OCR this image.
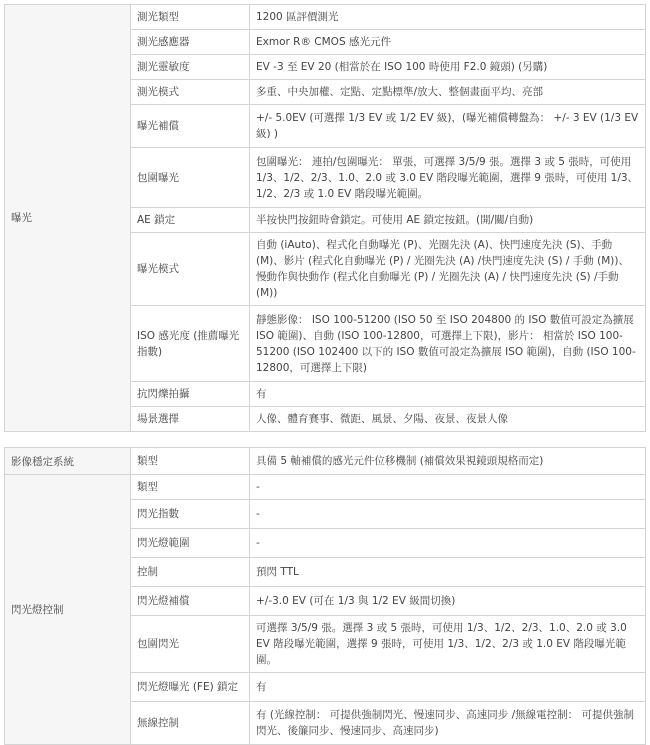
曝光	測光類型	1200 區評價測光
	測光感應器	Exmor R® CMOS 感光元件
	測光靈敏度	EV -3 至 EV 20 (相當於在 ISO 100 時使用 F2.0 鏡頭) (另購)
	測光模式	多重、中央加權、定點、定點標準/放大、整個畫面平均、亮部
	曝光補償	+/- 5.0EV (可選擇 1/3 EV 或 1/2 EV 級)，(曝光補償轉盤為： +/- 3 EV (1/3 EV 級) )
	包圍曝光	包圍曝光： 連拍/包圍曝光： 單張，可選擇 3/5/9 張。選擇 3 或 5 張時，可使用 1/3、1/2、2/3、1.0、2.0 或 3.0 EV 階段曝光範圍，選擇 9 張時，可使用 1/3、1/2、2/3 或 1.0 EV 階段曝光範圍。
	AE 鎖定	半按快門按鈕時會鎖定。可使用 AE 鎖定按鈕。(開/關/自動)
	曝光模式	自動 (iAuto)、程式化自動曝光 (P)、光圈先決 (A)、快門速度先決 (S)、手動 (M)、影片 (程式化自動曝光 (P) / 光圈先決 (A) /快門速度先決 (S) / 手動 (M))、慢動作與快動作 (程式化自動曝光 (P) / 光圈先決 (A) / 快門速度先決 (S) /手動 (M))
	ISO 感光度 (推薦曝光指數)	靜態影像： ISO 100-51200 (ISO 50 至 ISO 204800 的 ISO 數值可設定為擴展 ISO 範圍)、自動 (ISO 100-12800，可選擇上下限)，影片： 相當於 ISO 100-51200 (ISO 102400 以下的 ISO 數值可設定為擴展 ISO 範圍)，自動 (ISO 100-12800，可選擇上下限)
	抗閃爍拍攝	有
	場景選擇	人像、體育賽事、微距、風景、夕陽、夜景、夜景人像
影像穩定系統	類型	具備 5 軸補償的感光元件位移機制 (補償效果視鏡頭規格而定)
閃光燈控制	類型	-
	閃光指數	-
	閃光燈範圍	-
	控制	預閃 TTL
	閃光燈補償	+/-3.0 EV (可在 1/3 與 1/2 EV 級間切換)
	包圍閃光	可選擇 3/5/9 張。選擇 3 或 5 張時，可使用 1/3、1/2、2/3、1.0、2.0 或 3.0 EV 階段曝光範圍，選擇 9 張時，可使用 1/3、1/2、2/3 或 1.0 EV 階段曝光範圍。
	閃光燈曝光 (FE) 鎖定	有
	無線控制	有 (光線控制： 可提供強制閃光、慢速同步、高速同步 /無線電控制： 可提供強制閃光、後簾同步、慢速同步、高速同步)
